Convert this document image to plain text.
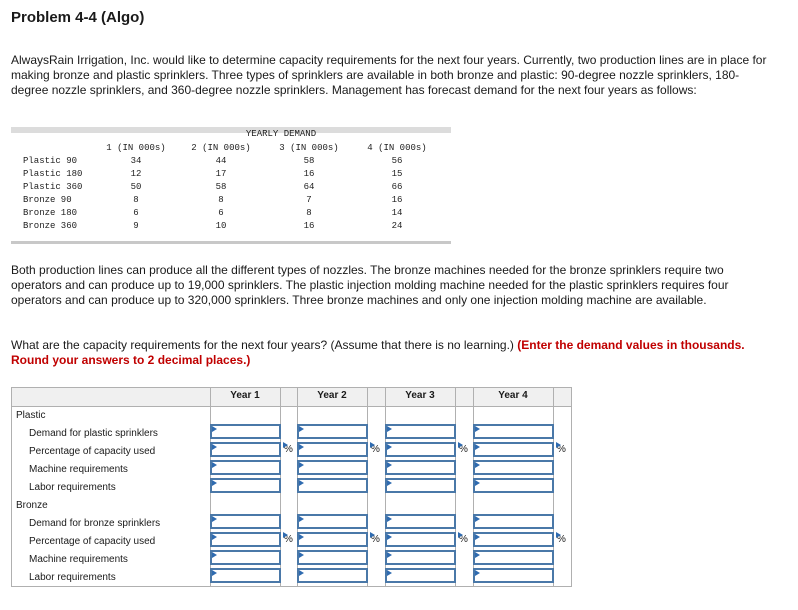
Problem 4-4 (Algo)
AlwaysRain Irrigation, Inc. would like to determine capacity requirements for the next four years. Currently, two production lines are in place for making bronze and plastic sprinklers. Three types of sprinklers are available in both bronze and plastic: 90-degree nozzle sprinklers, 180-degree nozzle sprinklers, and 360-degree nozzle sprinklers. Management has forecast demand for the next four years as follows:
YEARLY DEMAND
1 (IN 000s)	2 (IN 000s)	3 (IN 000s)	4 (IN 000s)
Plastic 90	34	44	58	56
Plastic 180	12	17	16	15
Plastic 360	50	58	64	66
Bronze 90	8	8	7	16
Bronze 180	6	6	8	14
Bronze 360	9	10	16	24
Both production lines can produce all the different types of nozzles. The bronze machines needed for the bronze sprinklers require two operators and can produce up to 19,000 sprinklers. The plastic injection molding machine needed for the plastic sprinklers requires four operators and can produce up to 320,000 sprinklers. Three bronze machines and only one injection molding machine are available.
What are the capacity requirements for the next four years? (Assume that there is no learning.) (Enter the demand values in thousands. Round your answers to 2 decimal places.)
Year 1	Year 2	Year 3	Year 4
Plastic
Demand for plastic sprinklers
Percentage of capacity used	%	%	%	%
Machine requirements
Labor requirements
Bronze
Demand for bronze sprinklers
Percentage of capacity used	%	%	%	%
Machine requirements
Labor requirements
